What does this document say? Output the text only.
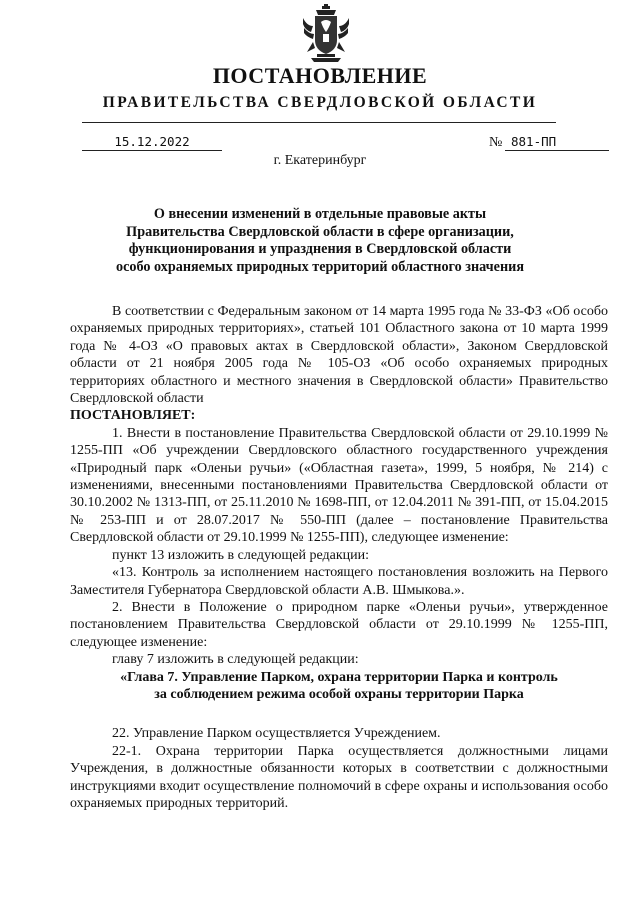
ПОСТАНОВЛЕНИЕ
ПРАВИТЕЛЬСТВА СВЕРДЛОВСКОЙ ОБЛАСТИ
15.12.2022	№ 881-ПП
г. Екатеринбург
О внесении изменений в отдельные правовые акты
Правительства Свердловской области в сфере организации,
функционирования и упразднения в Свердловской области
особо охраняемых природных территорий областного значения

В соответствии с Федеральным законом от 14 марта 1995 года № 33-ФЗ «Об особо охраняемых природных территориях», статьей 101 Областного закона от 10 марта 1999 года № 4-ОЗ «О правовых актах в Свердловской области», Законом Свердловской области от 21 ноября 2005 года № 105-ОЗ «Об особо охраняемых природных территориях областного и местного значения в Свердловской области» Правительство Свердловской области

ПОСТАНОВЛЯЕТ:

1. Внести в постановление Правительства Свердловской области от 29.10.1999 № 1255-ПП «Об учреждении Свердловского областного государственного учреждения «Природный парк «Оленьи ручьи» («Областная газета», 1999, 5 ноября, № 214) с изменениями, внесенными постановлениями Правительства Свердловской области от 30.10.2002 № 1313-ПП, от 25.11.2010 № 1698-ПП, от 12.04.2011 № 391-ПП, от 15.04.2015 № 253-ПП и от 28.07.2017 № 550-ПП (далее – постановление Правительства Свердловской области от 29.10.1999 № 1255-ПП), следующее изменение:

пункт 13 изложить в следующей редакции:

«13. Контроль за исполнением настоящего постановления возложить на Первого Заместителя Губернатора Свердловской области А.В. Шмыкова.».

2. Внести в Положение о природном парке «Оленьи ручьи», утвержденное постановлением Правительства Свердловской области от 29.10.1999 № 1255-ПП, следующее изменение:

главу 7 изложить в следующей редакции:

«Глава 7. Управление Парком, охрана территории Парка и контроль

за соблюдением режима особой охраны территории Парка

22. Управление Парком осуществляется Учреждением.

22-1. Охрана территории Парка осуществляется должностными лицами Учреждения, в должностные обязанности которых в соответствии с должностными инструкциями входит осуществление полномочий в сфере охраны и использования особо охраняемых природных территорий.
